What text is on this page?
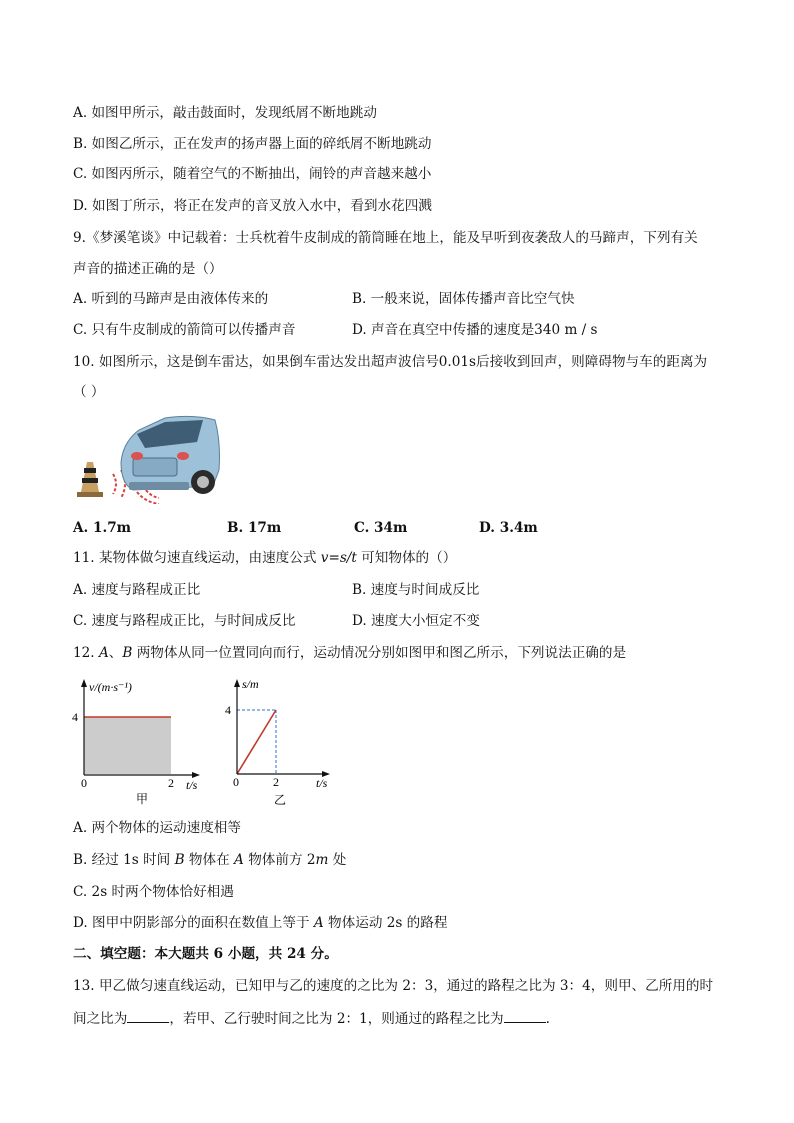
A. 如图甲所示，敲击鼓面时，发现纸屑不断地跳动
B. 如图乙所示，正在发声的扬声器上面的碎纸屑不断地跳动
C. 如图丙所示，随着空气的不断抽出，闹铃的声音越来越小
D. 如图丁所示，将正在发声的音叉放入水中，看到水花四溅
9.《梦溪笔谈》中记载着：士兵枕着牛皮制成的箭筒睡在地上，能及早听到夜袭敌人的马蹄声，下列有关
声音的描述正确的是（）
A. 听到的马蹄声是由液体传来的	B. 一般来说，固体传播声音比空气快
C. 只有牛皮制成的箭筒可以传播声音	D. 声音在真空中传播的速度是340 m / s
10. 如图所示，这是倒车雷达，如果倒车雷达发出超声波信号0.01s后接收到回声，则障碍物与车的距离为
（ ）
A. 1.7m	B. 17m	C. 34m	D. 3.4m
11. 某物体做匀速直线运动，由速度公式 v=s/t 可知物体的（）
A. 速度与路程成正比	B. 速度与时间成反比
C. 速度与路程成正比，与时间成反比	D. 速度大小恒定不变
12. A、B 两物体从同一位置同向而行，运动情况分别如图甲和图乙所示，下列说法正确的是
v/(m·s⁻¹)
4
0	2 t/s
甲
s/m
4
0	2	t/s
乙
A. 两个物体的运动速度相等
B. 经过 1s 时间 B 物体在 A 物体前方 2m 处
C. 2s 时两个物体恰好相遇
D. 图甲中阴影部分的面积在数值上等于 A 物体运动 2s 的路程
二、填空题：本大题共 6 小题，共 24 分。
13. 甲乙做匀速直线运动，已知甲与乙的速度的之比为 2：3，通过的路程之比为 3：4，则甲、乙所用的时
间之比为	，若甲、乙行驶时间之比为 2：1，则通过的路程之比为	.
